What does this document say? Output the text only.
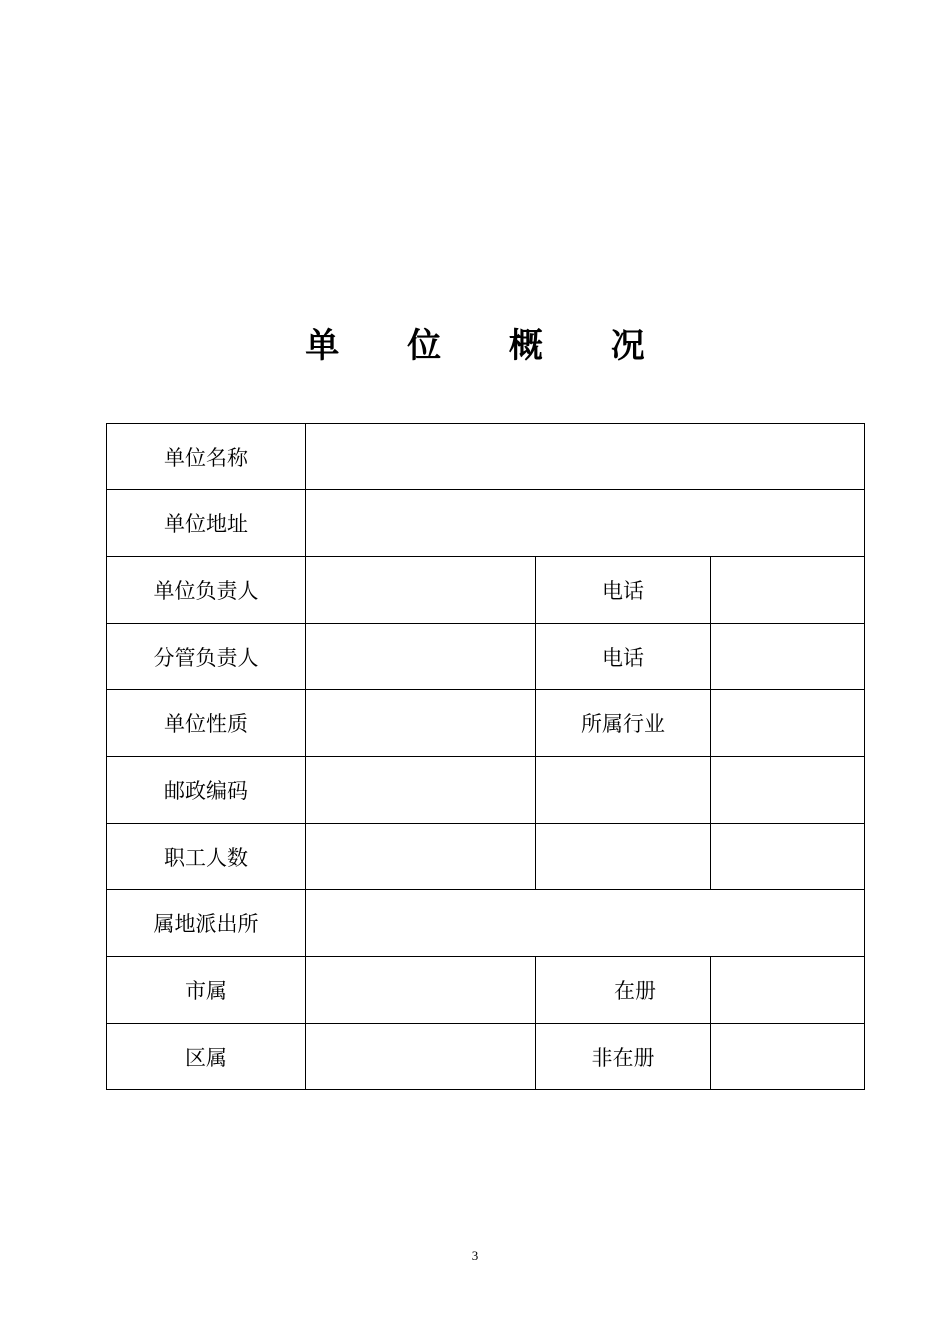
单 位 概 况
单位名称			
单位地址			
单位负责人		电话	
分管负责人		电话	
单位性质		所属行业	
邮政编码			
职工人数			
属地派出所			
市属		在册	
区属		非在册	
3
